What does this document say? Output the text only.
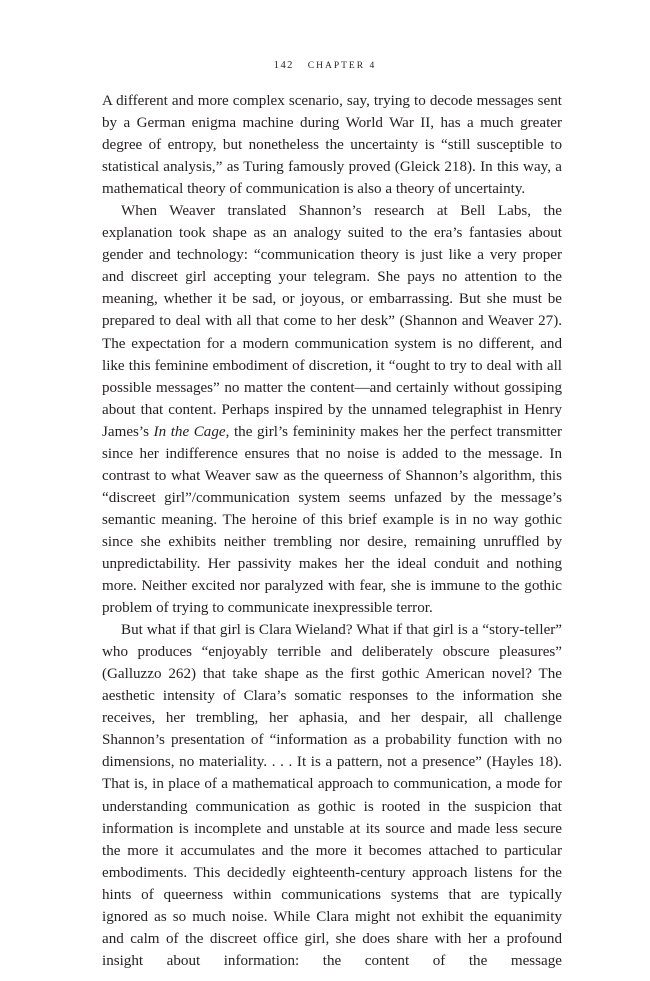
142 CHAPTER 4

A different and more complex scenario, say, trying to decode messages sent by a German enigma machine during World War II, has a much greater degree of entropy, but nonetheless the uncertainty is “still susceptible to statistical analysis,” as Turing famously proved (Gleick 218). In this way, a mathematical theory of communication is also a theory of uncertainty.

When Weaver translated Shannon’s research at Bell Labs, the explanation took shape as an analogy suited to the era’s fantasies about gender and technology: “communication theory is just like a very proper and discreet girl accepting your telegram. She pays no attention to the meaning, whether it be sad, or joyous, or embarrassing. But she must be prepared to deal with all that come to her desk” (Shannon and Weaver 27). The expectation for a modern communication system is no different, and like this feminine embodiment of discretion, it “ought to try to deal with all possible messages” no matter the content—and certainly without gossiping about that content. Perhaps inspired by the unnamed telegraphist in Henry James’s In the Cage, the girl’s femininity makes her the perfect transmitter since her indifference ensures that no noise is added to the message. In contrast to what Weaver saw as the queerness of Shannon’s algorithm, this “discreet girl”/communication system seems unfazed by the message’s semantic meaning. The heroine of this brief example is in no way gothic since she exhibits neither trembling nor desire, remaining unruffled by unpredictability. Her passivity makes her the ideal conduit and nothing more. Neither excited nor paralyzed with fear, she is immune to the gothic problem of trying to communicate inexpressible terror.

But what if that girl is Clara Wieland? What if that girl is a “story-teller” who produces “enjoyably terrible and deliberately obscure pleasures” (Galluzzo 262) that take shape as the first gothic American novel? The aesthetic intensity of Clara’s somatic responses to the information she receives, her trembling, her aphasia, and her despair, all challenge Shannon’s presentation of “information as a probability function with no dimensions, no materiality. . . . It is a pattern, not a presence” (Hayles 18). That is, in place of a mathematical approach to communication, a mode for understanding communication as gothic is rooted in the suspicion that information is incomplete and unstable at its source and made less secure the more it accumulates and the more it becomes attached to particular embodiments. This decidedly eighteenth-century approach listens for the hints of queerness within communications systems that are typically ignored as so much noise. While Clara might not exhibit the equanimity and calm of the discreet office girl, she does share with her a profound insight about information: the content of the message
